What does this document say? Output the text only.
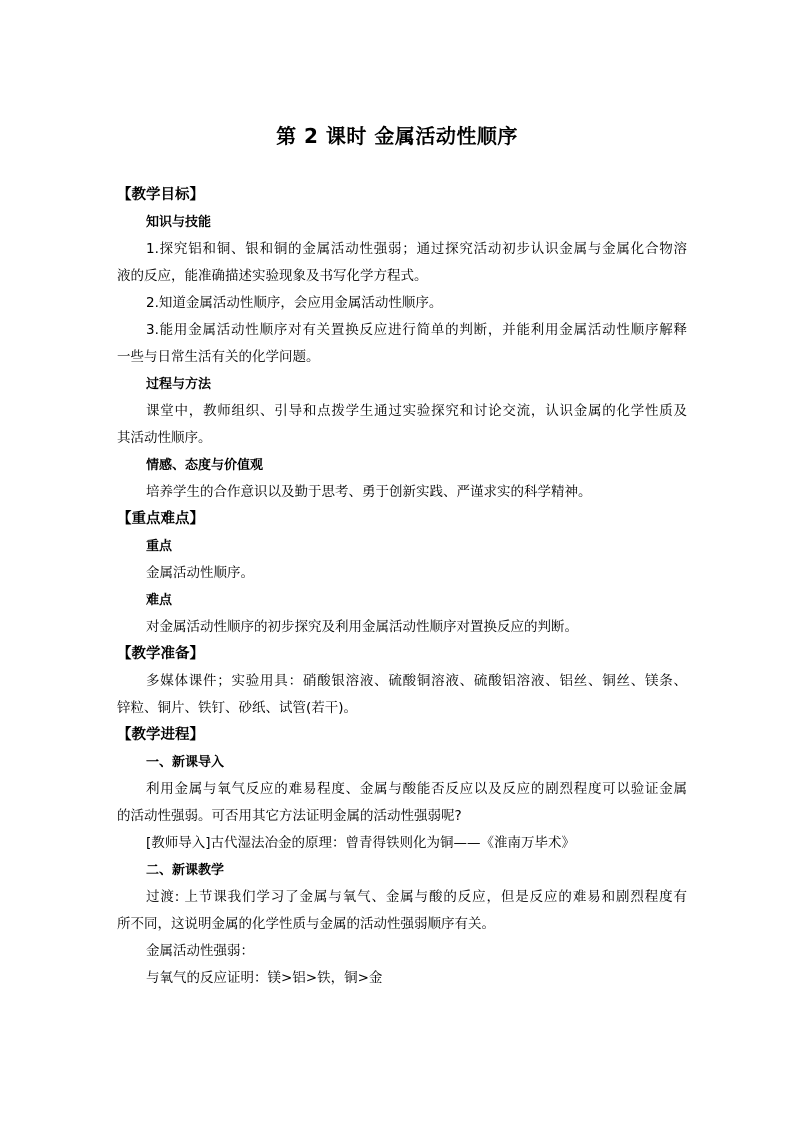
第 2 课时 金属活动性顺序
【教学目标】
知识与技能
1.探究铝和铜、银和铜的金属活动性强弱；通过探究活动初步认识金属与金属化合物溶
液的反应，能准确描述实验现象及书写化学方程式。
2.知道金属活动性顺序，会应用金属活动性顺序。
3.能用金属活动性顺序对有关置换反应进行简单的判断，并能利用金属活动性顺序解释
一些与日常生活有关的化学问题。
过程与方法
课堂中，教师组织、引导和点拨学生通过实验探究和讨论交流，认识金属的化学性质及
其活动性顺序。
情感、态度与价值观
培养学生的合作意识以及勤于思考、勇于创新实践、严谨求实的科学精神。
【重点难点】
重点
金属活动性顺序。
难点
对金属活动性顺序的初步探究及利用金属活动性顺序对置换反应的判断。
【教学准备】
多媒体课件；实验用具：硝酸银溶液、硫酸铜溶液、硫酸铝溶液、铝丝、铜丝、镁条、
锌粒、铜片、铁钉、砂纸、试管(若干)。
【教学进程】
一、新课导入
利用金属与氧气反应的难易程度、金属与酸能否反应以及反应的剧烈程度可以验证金属
的活动性强弱。可否用其它方法证明金属的活动性强弱呢?
[教师导入]古代湿法冶金的原理：曾青得铁则化为铜——《淮南万毕术》
二、新课教学
过渡: 上节课我们学习了金属与氧气、金属与酸的反应，但是反应的难易和剧烈程度有
所不同，这说明金属的化学性质与金属的活动性强弱顺序有关。
金属活动性强弱：
与氧气的反应证明：镁>铝>铁，铜>金
